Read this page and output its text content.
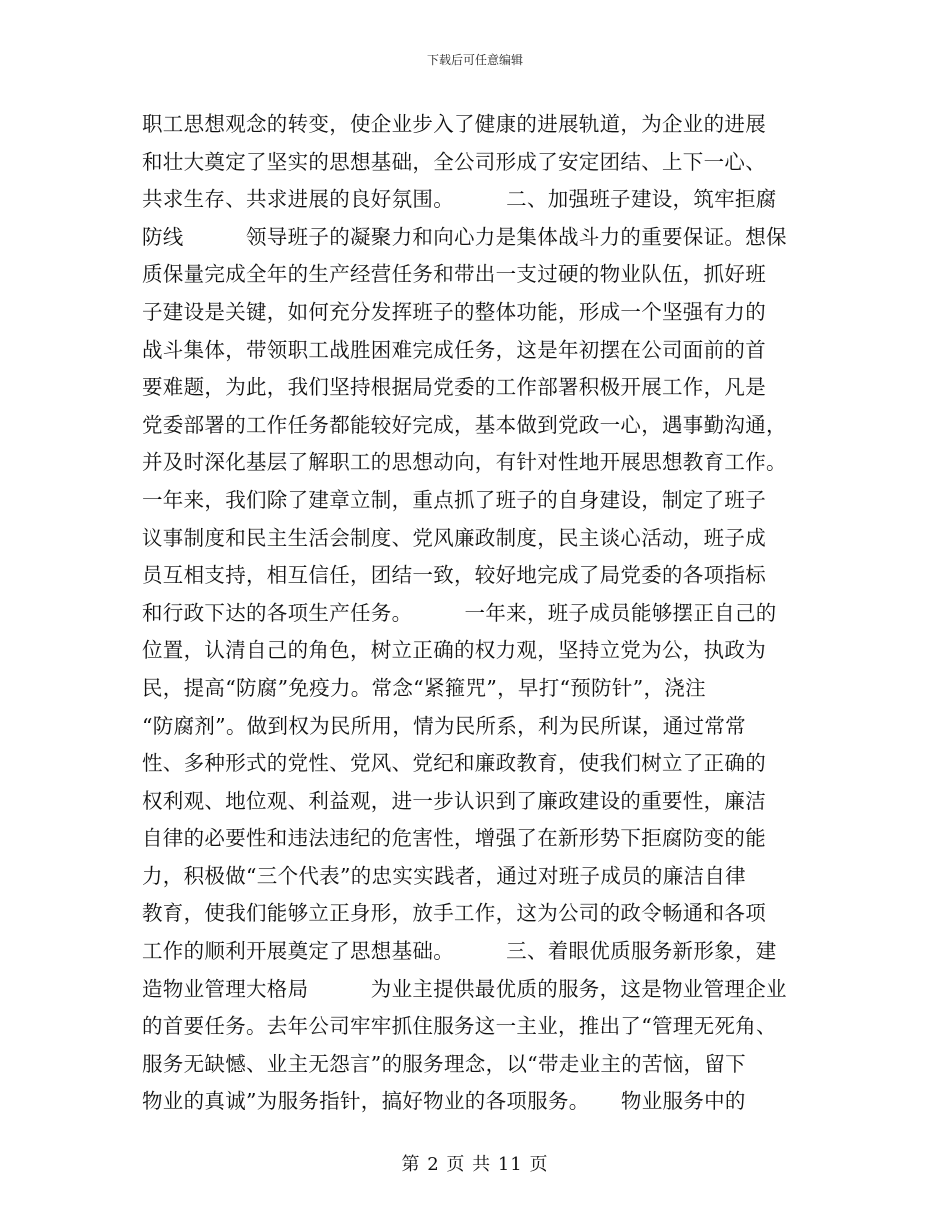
下载后可任意编辑
职工思想观念的转变，使企业步入了健康的进展轨道，为企业的进展
和壮大奠定了坚实的思想基础，全公司形成了安定团结、上下一心、
共求生存、共求进展的良好氛围。　　　二、加强班子建设，筑牢拒腐
防线　　　领导班子的凝聚力和向心力是集体战斗力的重要保证。想保
质保量完成全年的生产经营任务和带出一支过硬的物业队伍，抓好班
子建设是关键，如何充分发挥班子的整体功能，形成一个坚强有力的
战斗集体，带领职工战胜困难完成任务，这是年初摆在公司面前的首
要难题，为此，我们坚持根据局党委的工作部署积极开展工作，凡是
党委部署的工作任务都能较好完成，基本做到党政一心，遇事勤沟通，
并及时深化基层了解职工的思想动向，有针对性地开展思想教育工作。
一年来，我们除了建章立制，重点抓了班子的自身建设，制定了班子
议事制度和民主生活会制度、党风廉政制度，民主谈心活动，班子成
员互相支持，相互信任，团结一致，较好地完成了局党委的各项指标
和行政下达的各项生产任务。　　　一年来，班子成员能够摆正自己的
位置，认清自己的角色，树立正确的权力观，坚持立党为公，执政为
民，提高“防腐”免疫力。常念“紧箍咒”，早打“预防针”，浇注
“防腐剂”。做到权为民所用，情为民所系，利为民所谋，通过常常
性、多种形式的党性、党风、党纪和廉政教育，使我们树立了正确的
权利观、地位观、利益观，进一步认识到了廉政建设的重要性，廉洁
自律的必要性和违法违纪的危害性，增强了在新形势下拒腐防变的能
力，积极做“三个代表”的忠实实践者，通过对班子成员的廉洁自律
教育，使我们能够立正身形，放手工作，这为公司的政令畅通和各项
工作的顺利开展奠定了思想基础。　　　三、着眼优质服务新形象，建
造物业管理大格局　　　为业主提供最优质的服务，这是物业管理企业
的首要任务。去年公司牢牢抓住服务这一主业，推出了“管理无死角、
服务无缺憾、业主无怨言”的服务理念，以“带走业主的苦恼，留下
物业的真诚”为服务指针，搞好物业的各项服务。　　物业服务中的
第 2 页 共 11 页
